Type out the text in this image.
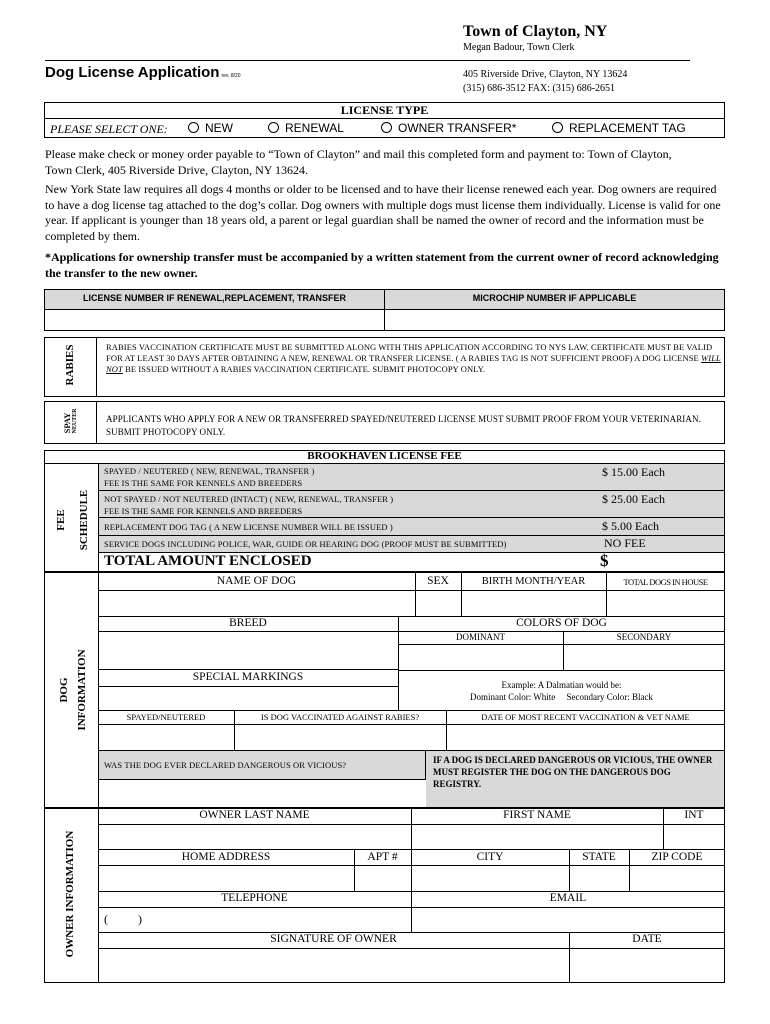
Town of Clayton, NY
Megan Badour, Town Clerk
Dog License Application rev. 8/20	405 Riverside Drive, Clayton, NY 13624
(315) 686-3512 FAX: (315) 686-2651
LICENSE TYPE
PLEASE SELECT ONE:	NEW	RENEWAL	OWNER TRANSFER*	REPLACEMENT TAG
Please make check or money order payable to “Town of Clayton” and mail this completed form and payment to: Town of Clayton, Town Clerk, 405 Riverside Drive, Clayton, NY 13624.
New York State law requires all dogs 4 months or older to be licensed and to have their license renewed each year. Dog owners are required to have a dog license tag attached to the dog’s collar. Dog owners with multiple dogs must license them individually. License is valid for one year. If applicant is younger than 18 years old, a parent or legal guardian shall be named the owner of record and the information must be completed by them.
*Applications for ownership transfer must be accompanied by a written statement from the current owner of record acknowledging the transfer to the new owner.
LICENSE NUMBER IF RENEWAL,REPLACEMENT, TRANSFER	MICROCHIP NUMBER IF APPLICABLE
RABIES	RABIES VACCINATION CERTIFICATE MUST BE SUBMITTED ALONG WITH THIS APPLICATION ACCORDING TO NYS LAW. CERTIFICATE MUST BE VALID FOR AT LEAST 30 DAYS AFTER OBTAINING A NEW, RENEWAL OR TRANSFER LICENSE. ( A RABIES TAG IS NOT SUFFICIENT PROOF) A DOG LICENSE WILL NOT BE ISSUED WITHOUT A RABIES VACCINATION CERTIFICATE. SUBMIT PHOTOCOPY ONLY.
SPAY NEUTER	APPLICANTS WHO APPLY FOR A NEW OR TRANSFERRED SPAYED/NEUTERED LICENSE MUST SUBMIT PROOF FROM YOUR VETERINARIAN. SUBMIT PHOTOCOPY ONLY.
BROOKHAVEN LICENSE FEE
FEE SCHEDULE
SPAYED / NEUTERED ( NEW, RENEWAL, TRANSFER )
FEE IS THE SAME FOR KENNELS AND BREEDERS
$ 15.00 Each
NOT SPAYED / NOT NEUTERED (INTACT) ( NEW, RENEWAL, TRANSFER )
FEE IS THE SAME FOR KENNELS AND BREEDERS
$ 25.00 Each
REPLACEMENT DOG TAG ( A NEW LICENSE NUMBER WILL BE ISSUED )	$ 5.00 Each
SERVICE DOGS INCLUDING POLICE, WAR, GUIDE OR HEARING DOG (PROOF MUST BE SUBMITTED)	NO FEE
TOTAL AMOUNT ENCLOSED	$
DOG INFORMATION
NAME OF DOG	SEX	BIRTH MONTH/YEAR	TOTAL DOGS IN HOUSE
BREED	COLORS OF DOG
DOMINANT	SECONDARY
SPECIAL MARKINGS
Example: A Dalmatian would be:
Dominant Color: White     Secondary Color: Black
SPAYED/NEUTERED	IS DOG VACCINATED AGAINST RABIES?	DATE OF MOST RECENT VACCINATION & VET NAME
WAS THE DOG EVER DECLARED DANGEROUS OR VICIOUS?	IF A DOG IS DECLARED DANGEROUS OR VICIOUS, THE OWNER MUST REGISTER THE DOG ON THE DANGEROUS DOG REGISTRY.
OWNER INFORMATION
OWNER LAST NAME	FIRST NAME	INT
HOME ADDRESS	APT #	CITY	STATE	ZIP CODE
TELEPHONE	EMAIL
(          )
SIGNATURE OF OWNER	DATE
